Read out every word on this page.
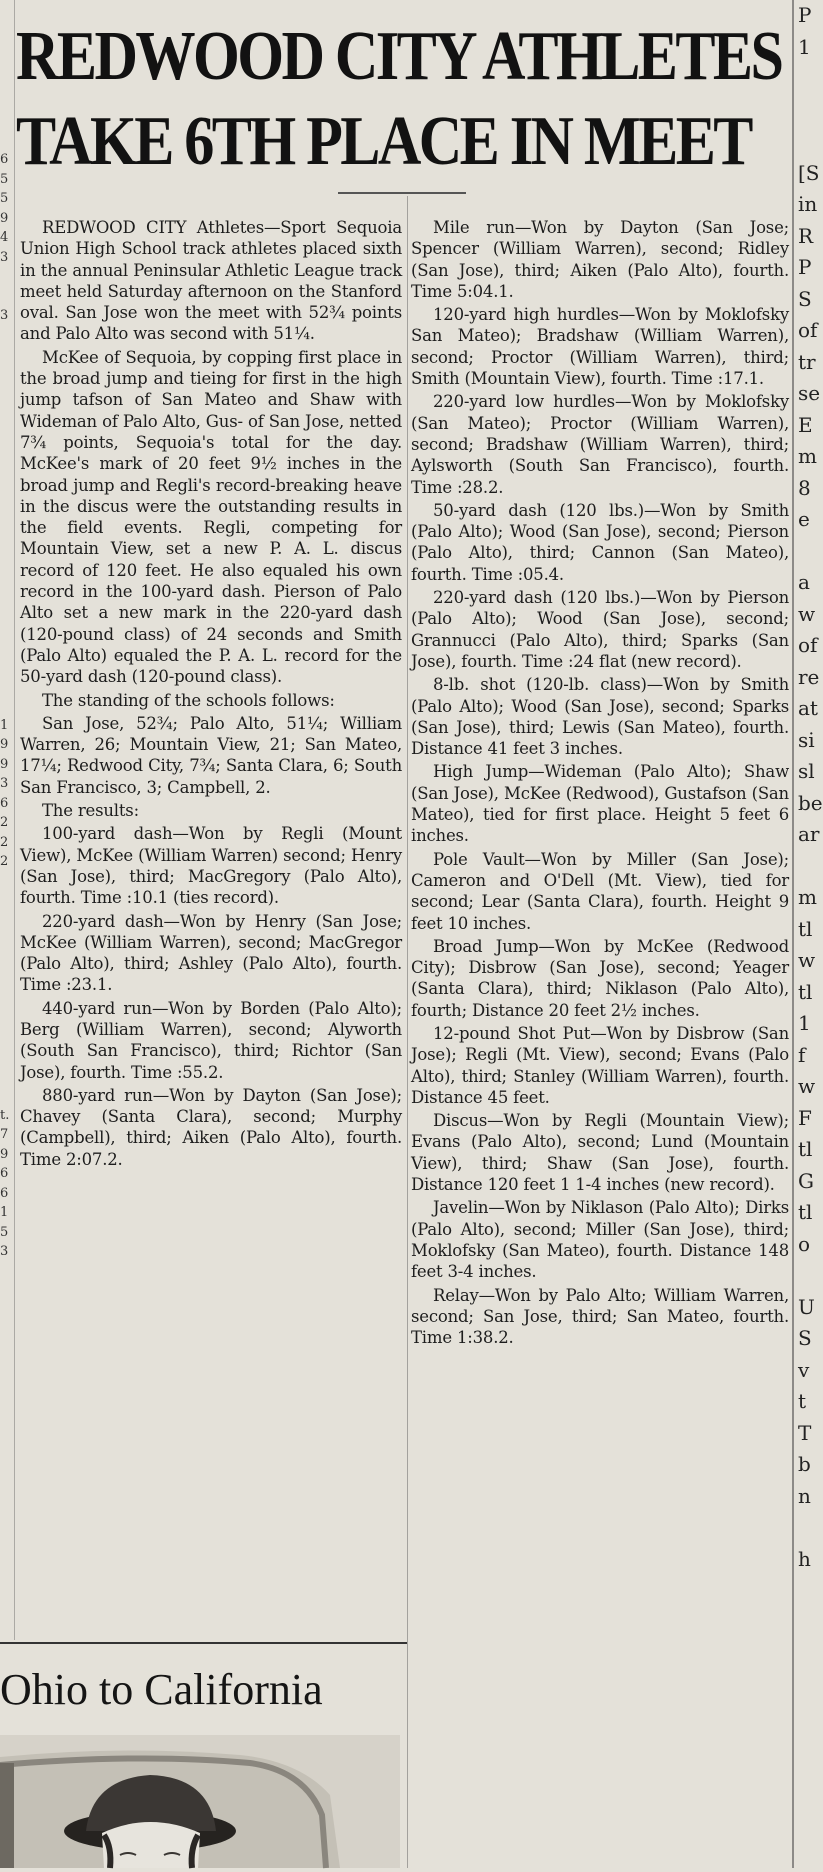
6
5
5
9
4
3
3
1
9
9
3
6
2
2
2
t.
7
9
6
6
1
5
3
P
1
[S
in
R
P
S
of
tr
se
E
m
8
e
a
w
of
re
at
si
sl
be
ar
m
tl
w
tl
1
f
w
F
tl
G
tl
o
U
S
v
t
T
b
n
h
REDWOOD CITY ATHLETES
TAKE 6TH PLACE IN MEET

REDWOOD CITY Athletes—Sport Sequoia Union High School track athletes placed sixth in the annual Peninsular Athletic League track meet held Saturday afternoon on the Stanford oval. San Jose won the meet with 52¾ points and Palo Alto was second with 51¼.

McKee of Sequoia, by copping first place in the broad jump and tieing for first in the high jump tafson of San Mateo and Shaw with Wideman of Palo Alto, Gus- of San Jose, netted 7¾ points, Sequoia's total for the day. McKee's mark of 20 feet 9½ inches in the broad jump and Regli's record-breaking heave in the discus were the outstanding results in the field events. Regli, competing for Mountain View, set a new P. A. L. discus record of 120 feet. He also equaled his own record in the 100-yard dash. Pierson of Palo Alto set a new mark in the 220-yard dash (120-pound class) of 24 seconds and Smith (Palo Alto) equaled the P. A. L. record for the 50-yard dash (120-pound class).

The standing of the schools follows:

San Jose, 52¾; Palo Alto, 51¼; William Warren, 26; Mountain View, 21; San Mateo, 17¼; Redwood City, 7¾; Santa Clara, 6; South San Francisco, 3; Campbell, 2.

The results:

100-yard dash—Won by Regli (Mount View), McKee (William Warren) second; Henry (San Jose), third; MacGregory (Palo Alto), fourth. Time :10.1 (ties record).

220-yard dash—Won by Henry (San Jose; McKee (William Warren), second; MacGregor (Palo Alto), third; Ashley (Palo Alto), fourth. Time :23.1.

440-yard run—Won by Borden (Palo Alto); Berg (William Warren), second; Alyworth (South San Francisco), third; Richtor (San Jose), fourth. Time :55.2.

880-yard run—Won by Dayton (San Jose); Chavey (Santa Clara), second; Murphy (Campbell), third; Aiken (Palo Alto), fourth. Time 2:07.2.

Mile run—Won by Dayton (San Jose; Spencer (William Warren), second; Ridley (San Jose), third; Aiken (Palo Alto), fourth. Time 5:04.1.

120-yard high hurdles—Won by Moklofsky San Mateo); Bradshaw (William Warren), second; Proctor (William Warren), third; Smith (Mountain View), fourth. Time :17.1.

220-yard low hurdles—Won by Moklofsky (San Mateo); Proctor (William Warren), second; Bradshaw (William Warren), third; Aylsworth (South San Francisco), fourth. Time :28.2.

50-yard dash (120 lbs.)—Won by Smith (Palo Alto); Wood (San Jose), second; Pierson (Palo Alto), third; Cannon (San Mateo), fourth. Time :05.4.

220-yard dash (120 lbs.)—Won by Pierson (Palo Alto); Wood (San Jose), second; Grannucci (Palo Alto), third; Sparks (San Jose), fourth. Time :24 flat (new record).

8-lb. shot (120-lb. class)—Won by Smith (Palo Alto); Wood (San Jose), second; Sparks (San Jose), third; Lewis (San Mateo), fourth. Distance 41 feet 3 inches.

High Jump—Wideman (Palo Alto); Shaw (San Jose), McKee (Redwood), Gustafson (San Mateo), tied for first place. Height 5 feet 6 inches.

Pole Vault—Won by Miller (San Jose); Cameron and O'Dell (Mt. View), tied for second; Lear (Santa Clara), fourth. Height 9 feet 10 inches.

Broad Jump—Won by McKee (Redwood City); Disbrow (San Jose), second; Yeager (Santa Clara), third; Niklason (Palo Alto), fourth; Distance 20 feet 2½ inches.

12-pound Shot Put—Won by Disbrow (San Jose); Regli (Mt. View), second; Evans (Palo Alto), third; Stanley (William Warren), fourth. Distance 45 feet.

Discus—Won by Regli (Mountain View); Evans (Palo Alto), second; Lund (Mountain View), third; Shaw (San Jose), fourth. Distance 120 feet 1 1-4 inches (new record).

Javelin—Won by Niklason (Palo Alto); Dirks (Palo Alto), second; Miller (San Jose), third; Moklofsky (San Mateo), fourth. Distance 148 feet 3-4 inches.

Relay—Won by Palo Alto; William Warren, second; San Jose, third; San Mateo, fourth. Time 1:38.2.

Ohio to California
